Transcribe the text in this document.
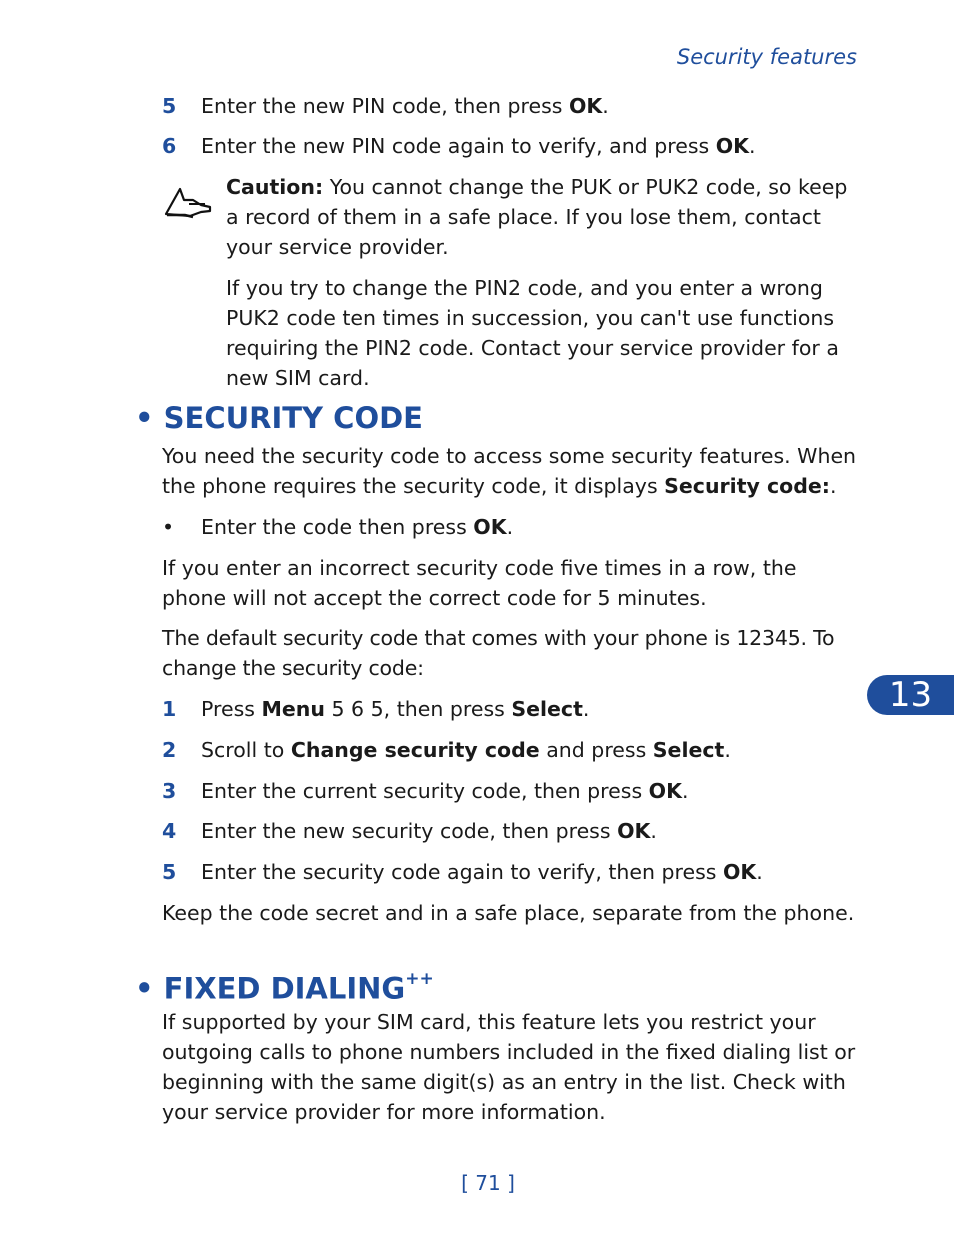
Security features
5 Enter the new PIN code, then press OK.
6 Enter the new PIN code again to verify, and press OK.
Caution: You cannot change the PUK or PUK2 code, so keep a record of them in a safe place. If you lose them, contact your service provider.
If you try to change the PIN2 code, and you enter a wrong PUK2 code ten times in succession, you can't use functions requiring the PIN2 code. Contact your service provider for a new SIM card.
• SECURITY CODE
You need the security code to access some security features. When the phone requires the security code, it displays Security code:.
• Enter the code then press OK.
If you enter an incorrect security code five times in a row, the phone will not accept the correct code for 5 minutes.
The default security code that comes with your phone is 12345. To change the security code:
1 Press Menu 5 6 5, then press Select.
2 Scroll to Change security code and press Select.
3 Enter the current security code, then press OK.
4 Enter the new security code, then press OK.
5 Enter the security code again to verify, then press OK.
Keep the code secret and in a safe place, separate from the phone.
• FIXED DIALING++
If supported by your SIM card, this feature lets you restrict your outgoing calls to phone numbers included in the fixed dialing list or beginning with the same digit(s) as an entry in the list. Check with your service provider for more information.
13
[ 71 ]
